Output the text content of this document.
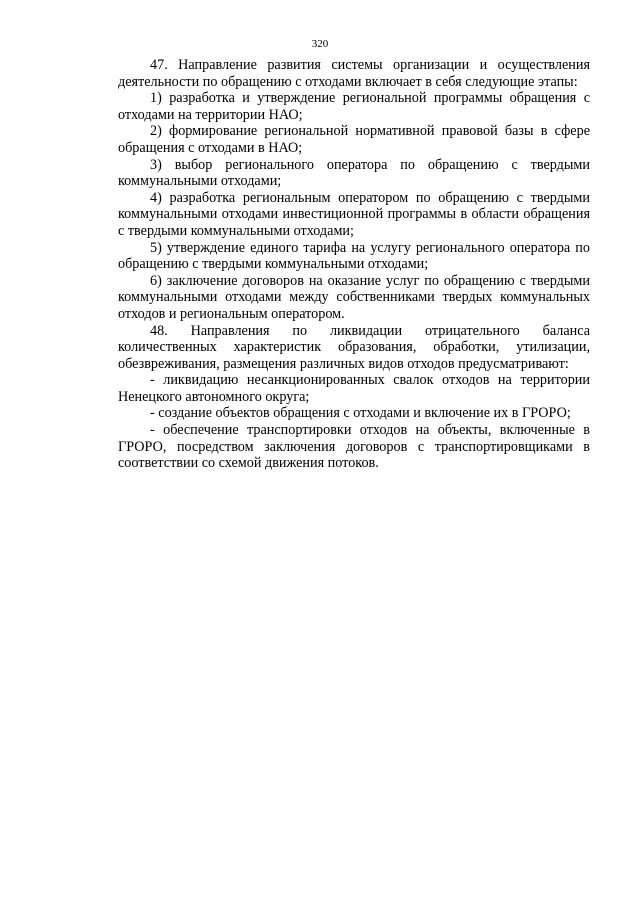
320

47. Направление развития системы организации и осуществления деятельности по обращению с отходами включает в себя следующие этапы:

1) разработка и утверждение региональной программы обращения с отходами на территории НАО;

2) формирование региональной нормативной правовой базы в сфере обращения с отходами в НАО;

3) выбор регионального оператора по обращению с твердыми коммунальными отходами;

4) разработка региональным оператором по обращению с твердыми коммунальными отходами инвестиционной программы в области обращения с твердыми коммунальными отходами;

5) утверждение единого тарифа на услугу регионального оператора по обращению с твердыми коммунальными отходами;

6) заключение договоров на оказание услуг по обращению с твердыми коммунальными отходами между собственниками твердых коммунальных отходов и региональным оператором.

48. Направления по ликвидации отрицательного баланса количественных характеристик образования, обработки, утилизации, обезвреживания, размещения различных видов отходов предусматривают:

- ликвидацию несанкционированных свалок отходов на территории Ненецкого автономного округа;

- создание объектов обращения с отходами и включение их в ГРОРО;

- обеспечение транспортировки отходов на объекты, включенные в ГРОРО, посредством заключения договоров с транспортировщиками в соответствии со схемой движения потоков.
